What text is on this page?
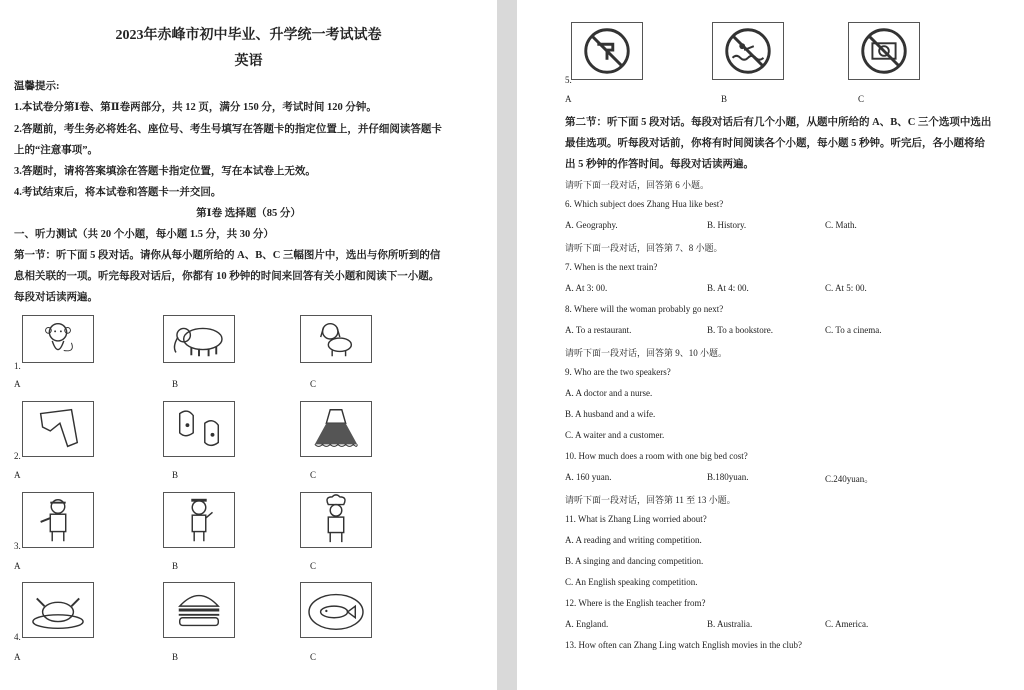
2023年赤峰市初中毕业、升学统一考试试卷
英语
温馨提示:
1.本试卷分第Ⅰ卷、第Ⅱ卷两部分，共 12 页，满分 150 分，考试时间 120 分钟。
2.答题前，考生务必将姓名、座位号、考生号填写在答题卡的指定位置上，并仔细阅读答题卡
上的“注意事项”。
3.答题时，请将答案填涂在答题卡指定位置，写在本试卷上无效。
4.考试结束后，将本试卷和答题卡一并交回。
第Ⅰ卷 选择题（85 分）
一、听力测试（共 20 个小题，每小题 1.5 分，共 30 分）
第一节：听下面 5 段对话。请你从每小题所给的 A、B、C 三幅图片中，选出与你所听到的信
息相关联的一项。听完每段对话后，你都有 10 秒钟的时间来回答有关小题和阅读下一小题。
每段对话读两遍。
1.
A	B	C
2.
A	B	C
3.
A	B	C
4.
A	B	C
5.
A	B	C
第二节：听下面 5 段对话。每段对话后有几个小题，从题中所给的 A、B、C 三个选项中选出
最佳选项。听每段对话前，你将有时间阅读各个小题，每小题 5 秒钟。听完后，各小题将给
出 5 秒钟的作答时间。每段对话读两遍。
请听下面一段对话，回答第 6 小题。
6. Which subject does Zhang Hua like best?
A. Geography.	B. History.	C. Math.
请听下面一段对话，回答第 7、8 小题。
7. When is the next train?
A. At 3: 00.	B. At 4: 00.	C. At 5: 00.
8. Where will the woman probably go next?
A. To a restaurant.	B. To a bookstore.	C. To a cinema.
请听下面一段对话，回答第 9、10 小题。
9. Who are the two speakers?
A. A doctor and a nurse.
B. A husband and a wife.
C. A waiter and a customer.
10. How much does a room with one big bed cost?
A. 160 yuan.	B.180yuan.	C.240yuan。
请听下面一段对话，回答第 11 至 13 小题。
11. What is Zhang Ling worried about?
A. A reading and writing competition.
B. A singing and dancing competition.
C. An English speaking competition.
12. Where is the English teacher from?
A. England.	B. Australia.	C. America.
13. How often can Zhang Ling watch English movies in the club?
